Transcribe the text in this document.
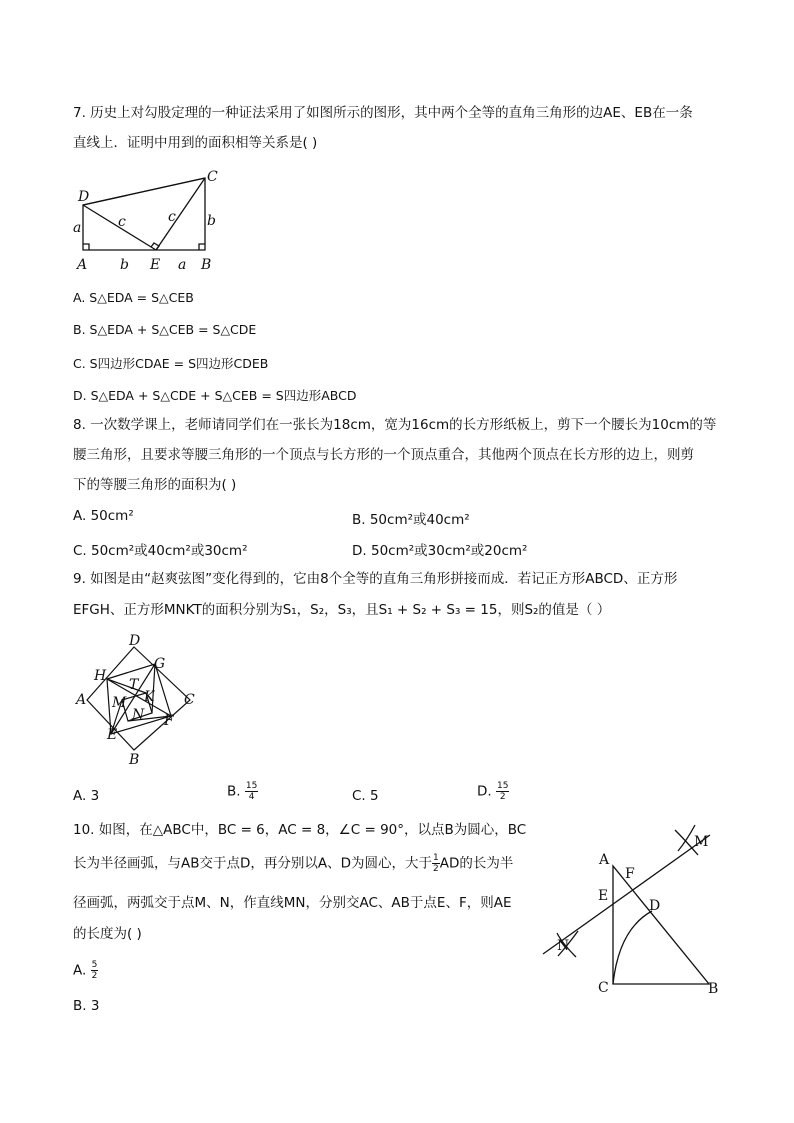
7. 历史上对勾股定理的一种证法采用了如图所示的图形，其中两个全等的直角三角形的边AE、EB在一条
直线上．证明中用到的面积相等关系是( )
D
C
a	b
c	c
A b E a B
A. S△EDA = S△CEB
B. S△EDA + S△CEB = S△CDE
C. S四边形CDAE = S四边形CDEB
D. S△EDA + S△CDE + S△CEB = S四边形ABCD
8. 一次数学课上，老师请同学们在一张长为18cm，宽为16cm的长方形纸板上，剪下一个腰长为10cm的等
腰三角形，且要求等腰三角形的一个顶点与长方形的一个顶点重合，其他两个顶点在长方形的边上，则剪
下的等腰三角形的面积为( )
A. 50cm²	B. 50cm²或40cm²
C. 50cm²或40cm²或30cm²	D. 50cm²或30cm²或20cm²
9. 如图是由“赵爽弦图”变化得到的，它由8个全等的直角三角形拼接而成．若记正方形ABCD、正方形
EFGH、正方形MNKT的面积分别为S₁，S₂，S₃，且S₁ + S₂ + S₃ = 15，则S₂的值是（ ）
D
G
H
T
K
A	C
M
N F
E
B
A. 3	B. $\frac{15}{4}$	C. 5	D. $\frac{15}{2}$
10. 如图，在△ABC中，BC = 6，AC = 8，∠C = 90°，以点B为圆心，BC
长为半径画弧，与AB交于点D，再分别以A、D为圆心，大于 $\frac{1}{2}$ AD的长为半
径画弧，两弧交于点M、N，作直线MN，分别交AC、AB于点E、F，则AE
的长度为( )
M
A
F
E
D
N
C	B
A. $\frac{5}{2}$
B. 3
